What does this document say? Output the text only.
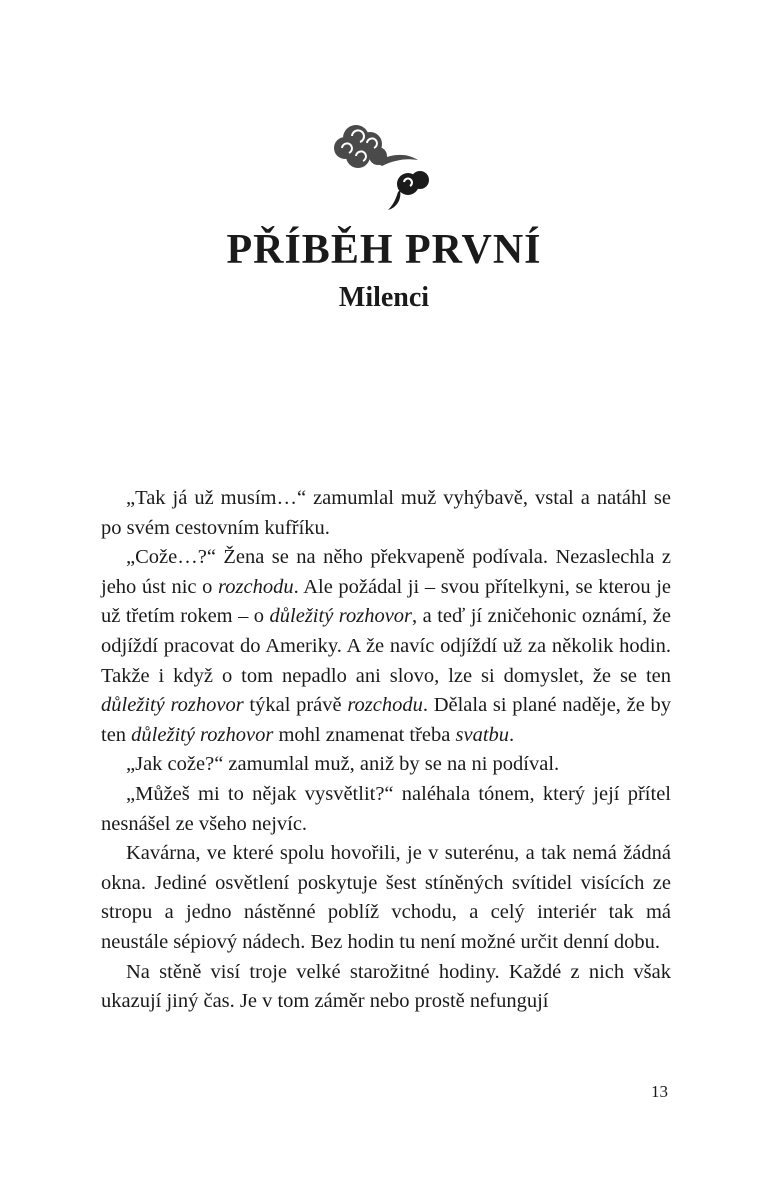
PŘÍBĚH PRVNÍ
Milenci

„Tak já už musím…“ zamumlal muž vyhýbavě, vstal a natáhl se po svém cestovním kufříku.

„Cože…?“ Žena se na něho překvapeně podívala. Nezaslechla z jeho úst nic o rozchodu. Ale požádal ji – svou přítelkyni, se kterou je už třetím rokem – o důležitý rozhovor, a teď jí zničehonic oznámí, že odjíždí pracovat do Ameriky. A že navíc odjíždí už za několik hodin. Takže i když o tom nepadlo ani slovo, lze si domyslet, že se ten důležitý rozhovor týkal právě rozchodu. Dělala si plané naděje, že by ten důležitý rozhovor mohl znamenat třeba svatbu.

„Jak cože?“ zamumlal muž, aniž by se na ni podíval.

„Můžeš mi to nějak vysvětlit?“ naléhala tónem, který její přítel nesnášel ze všeho nejvíc.

Kavárna, ve které spolu hovořili, je v suterénu, a tak nemá žádná okna. Jediné osvětlení poskytuje šest stíněných svítidel visících ze stropu a jedno nástěnné poblíž vchodu, a celý interiér tak má neustále sépiový nádech. Bez hodin tu není možné určit denní dobu.

Na stěně visí troje velké starožitné hodiny. Každé z nich však ukazují jiný čas. Je v tom záměr nebo prostě nefungují

13
